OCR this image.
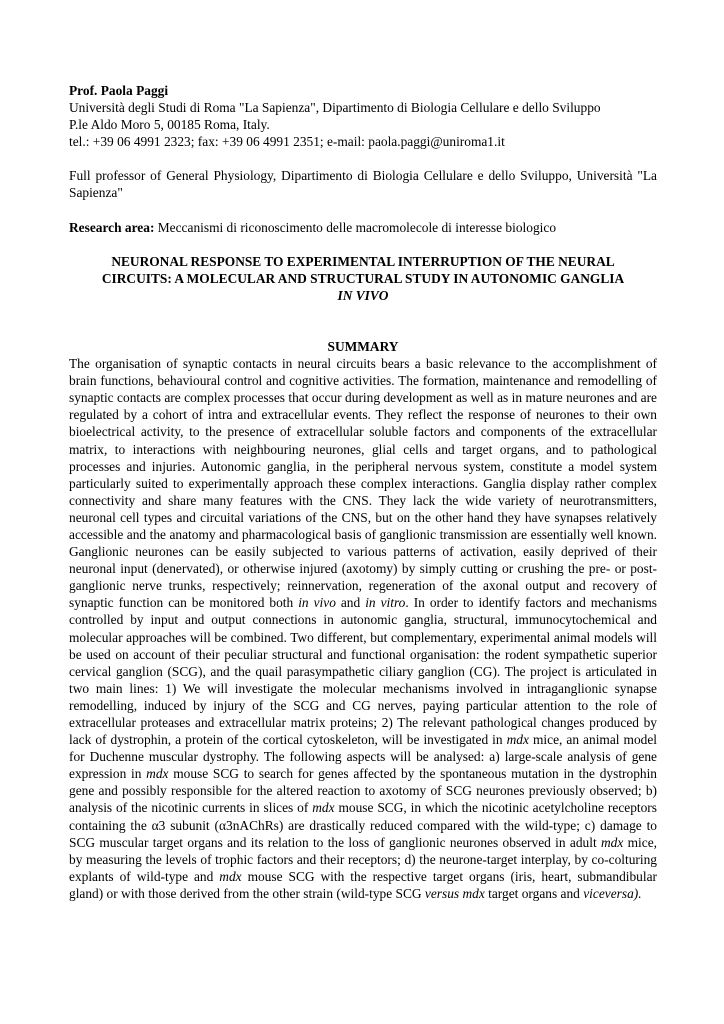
Prof. Paola Paggi
Università degli Studi di Roma "La Sapienza", Dipartimento di Biologia Cellulare e dello Sviluppo
P.le Aldo Moro 5, 00185 Roma, Italy.
tel.: +39 06 4991 2323; fax: +39 06 4991 2351; e-mail: paola.paggi@uniroma1.it
Full professor of General Physiology, Dipartimento di Biologia Cellulare e dello Sviluppo, Università "La Sapienza"
Research area: Meccanismi di riconoscimento delle macromolecole di interesse biologico
NEURONAL RESPONSE TO EXPERIMENTAL INTERRUPTION OF THE NEURAL
CIRCUITS: A MOLECULAR AND STRUCTURAL STUDY IN AUTONOMIC GANGLIA
IN VIVO
SUMMARY
The organisation of synaptic contacts in neural circuits bears a basic relevance to the accomplishment of brain functions, behavioural control and cognitive activities. The formation, maintenance and remodelling of synaptic contacts are complex processes that occur during development as well as in mature neurones and are regulated by a cohort of intra and extracellular events. They reflect the response of neurones to their own bioelectrical activity, to the presence of extracellular soluble factors and components of the extracellular matrix, to interactions with neighbouring neurones, glial cells and target organs, and to pathological processes and injuries. Autonomic ganglia, in the peripheral nervous system, constitute a model system particularly suited to experimentally approach these complex interactions. Ganglia display rather complex connectivity and share many features with the CNS. They lack the wide variety of neurotransmitters, neuronal cell types and circuital variations of the CNS, but on the other hand they have synapses relatively accessible and the anatomy and pharmacological basis of ganglionic transmission are essentially well known. Ganglionic neurones can be easily subjected to various patterns of activation, easily deprived of their neuronal input (denervated), or otherwise injured (axotomy) by simply cutting or crushing the pre- or post-ganglionic nerve trunks, respectively; reinnervation, regeneration of the axonal output and recovery of synaptic function can be monitored both in vivo and in vitro. In order to identify factors and mechanisms controlled by input and output connections in autonomic ganglia, structural, immunocytochemical and molecular approaches will be combined. Two different, but complementary, experimental animal models will be used on account of their peculiar structural and functional organisation: the rodent sympathetic superior cervical ganglion (SCG), and the quail parasympathetic ciliary ganglion (CG). The project is articulated in two main lines: 1) We will investigate the molecular mechanisms involved in intraganglionic synapse remodelling, induced by injury of the SCG and CG nerves, paying particular attention to the role of extracellular proteases and extracellular matrix proteins; 2) The relevant pathological changes produced by lack of dystrophin, a protein of the cortical cytoskeleton, will be investigated in mdx mice, an animal model for Duchenne muscular dystrophy. The following aspects will be analysed: a) large-scale analysis of gene expression in mdx mouse SCG to search for genes affected by the spontaneous mutation in the dystrophin gene and possibly responsible for the altered reaction to axotomy of SCG neurones previously observed; b) analysis of the nicotinic currents in slices of mdx mouse SCG, in which the nicotinic acetylcholine receptors containing the α3 subunit (α3nAChRs) are drastically reduced compared with the wild-type; c) damage to SCG muscular target organs and its relation to the loss of ganglionic neurones observed in adult mdx mice, by measuring the levels of trophic factors and their receptors; d) the neurone-target interplay, by co-colturing explants of wild-type and mdx mouse SCG with the respective target organs (iris, heart, submandibular gland) or with those derived from the other strain (wild-type SCG versus mdx target organs and viceversa).
